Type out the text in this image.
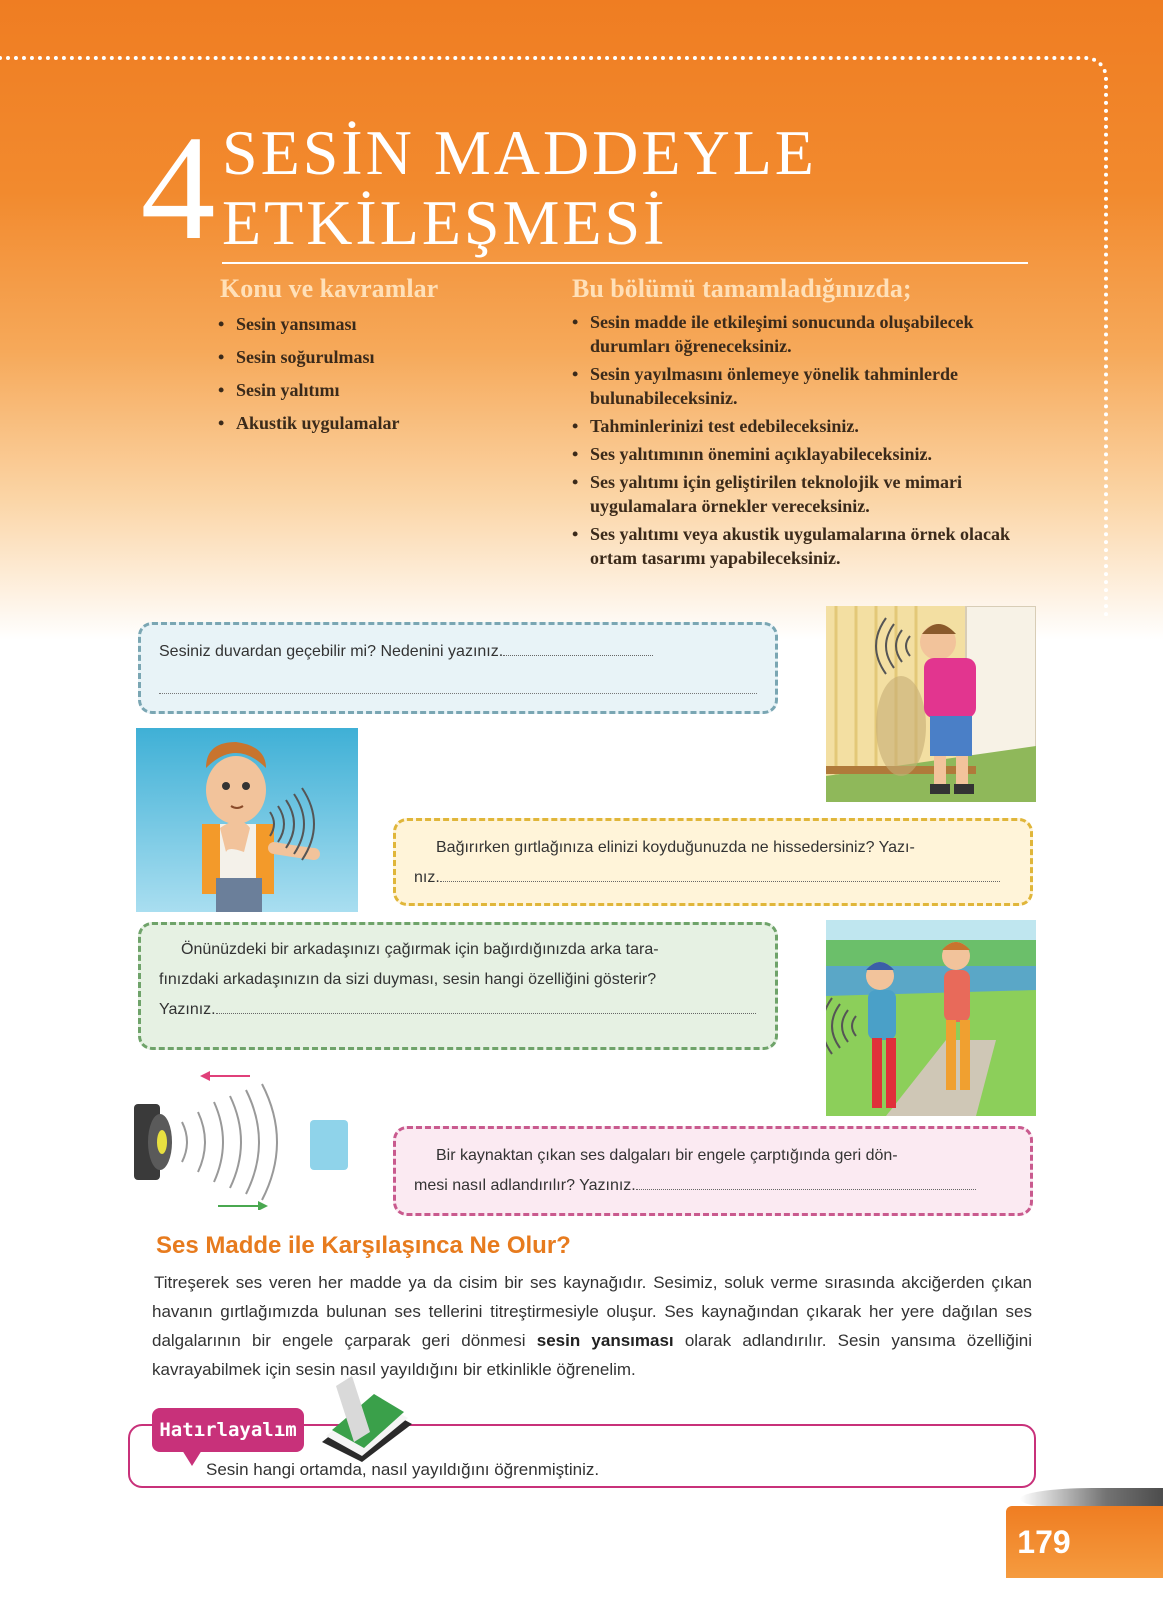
4 SESİN MADDEYLE
ETKİLEŞMESİ
Konu ve kavramlar
• Sesin yansıması
• Sesin soğurulması
• Sesin yalıtımı
• Akustik uygulamalar
Bu bölümü tamamladığınızda;
• Sesin madde ile etkileşimi sonucunda oluşabilecek durumları öğreneceksiniz.
• Sesin yayılmasını önlemeye yönelik tahminlerde bulunabileceksiniz.
• Tahminlerinizi test edebileceksiniz.
• Ses yalıtımının önemini açıklayabileceksiniz.
• Ses yalıtımı için geliştirilen teknolojik ve mimari uygulamalara örnekler vereceksiniz.
• Ses yalıtımı veya akustik uygulamalarına örnek olacak ortam tasarımı yapabileceksiniz.
Sesiniz duvardan geçebilir mi? Nedenini yazınız.
Bağırırken gırtlağınıza elinizi koyduğunuzda ne hissedersiniz? Yazı-
nız.
Önünüzdeki bir arkadaşınızı çağırmak için bağırdığınızda arka tara-
fınızdaki arkadaşınızın da sizi duyması, sesin hangi özelliğini gösterir?
Yazınız.
Bir kaynaktan çıkan ses dalgaları bir engele çarptığında geri dön-
mesi nasıl adlandırılır? Yazınız.
Ses Madde ile Karşılaşınca Ne Olur?

Titreşerek ses veren her madde ya da cisim bir ses kaynağıdır. Sesimiz, soluk verme sırasında akciğerden çıkan havanın gırtlağımızda bulunan ses tellerini titreştirmesiyle oluşur. Ses kaynağından çıkarak her yere dağılan ses dalgalarının bir engele çarparak geri dönmesi sesin yansıması olarak adlandırılır. Sesin yansıma özelliğini kavrayabilmek için sesin nasıl yayıldığını bir etkinlikle öğrenelim.

Hatırlayalım

Sesin hangi ortamda, nasıl yayıldığını öğrenmiştiniz.

179
